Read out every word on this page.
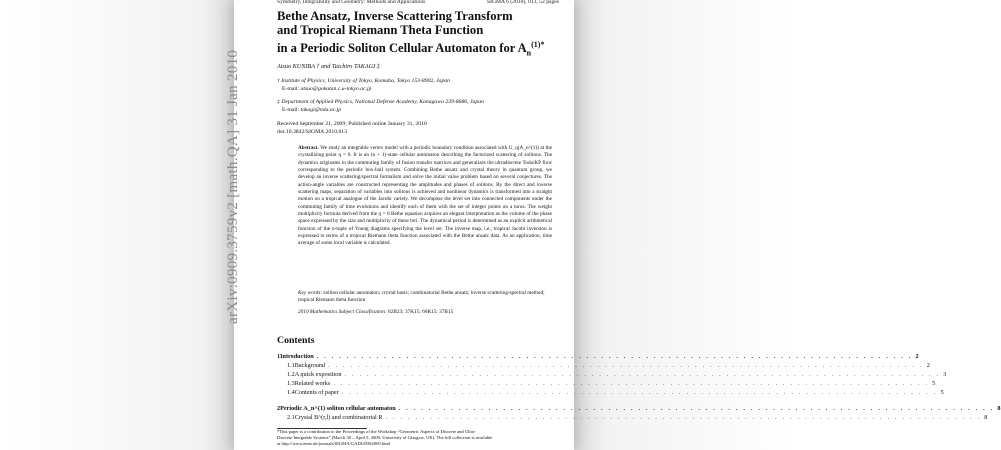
arXiv:0909.3759v2 [math.QA] 31 Jan 2010
Symmetry, Integrability and Geometry: Methods and Applications	SIGMA 6 (2010), 013, 52 pages
Bethe Ansatz, Inverse Scattering Transform
and Tropical Riemann Theta Function
in a Periodic Soliton Cellular Automaton for $A_n^{(1)*}$
Atsuo KUNIBA † and Taichiro TAKAGI ‡
† Institute of Physics, University of Tokyo, Komaba, Tokyo 153-8902, Japan
E-mail: atsuo@gokutan.c.u-tokyo.ac.jp
‡ Department of Applied Physics, National Defense Academy, Kanagawa 239-8686, Japan
E-mail: takagi@nda.ac.jp
Received September 21, 2009; Published online January 31, 2010
doi:10.3842/SIGMA.2010.013
Abstract. We study an integrable vertex model with a periodic boundary condition associated with U_q(A_n^(1)) at the crystallizing point q = 0. It is an (n + 1)-state cellular automaton describing the factorized scattering of solitons. The dynamics originates in the commuting family of fusion transfer matrices and generalizes the ultradiscrete Toda/KP flow corresponding to the periodic box-ball system. Combining Bethe ansatz and crystal theory in quantum group, we develop an inverse scattering/spectral formalism and solve the initial value problem based on several conjectures. The action-angle variables are constructed representing the amplitudes and phases of solitons. By the direct and inverse scattering maps, separation of variables into solitons is achieved and nonlinear dynamics is transformed into a straight motion on a tropical analogue of the Jacobi variety. We decompose the level set into connected components under the commuting family of time evolutions and identify each of them with the set of integer points on a torus. The weight multiplicity formula derived from the q = 0 Bethe equation acquires an elegant interpretation as the volume of the phase space expressed by the size and multiplicity of these tori. The dynamical period is determined as an explicit arithmetical function of the n-tuple of Young diagrams specifying the level set. The inverse map, i.e., tropical Jacobi inversion is expressed in terms of a tropical Riemann theta function associated with the Bethe ansatz data. As an application, time average of some local variable is calculated.
Key words: soliton cellular automaton; crystal basis; combinatorial Bethe ansatz; inverse scattering/spectral method; tropical Riemann theta function
2010 Mathematics Subject Classification: 82B23; 37K15; 68R15; 37B15
Contents
1 Introduction . . . . . . . . . . . . . . . . . . . . . . . . . . . . . . . . . . . . . . . . . . . . . . . . . . . . . . . . . . . . . . . . . . . . . . . . . . . . . . . . 2
1.1 Background . . . . . . . . . . . . . . . . . . . . . . . . . . . . . . . . . . . . . . . . . . . . . . . . . . . . . . . . . . . . . . . . . . . . . . . . . . . . . . . . 2
1.2 A quick exposition . . . . . . . . . . . . . . . . . . . . . . . . . . . . . . . . . . . . . . . . . . . . . . . . . . . . . . . . . . . . . . . . . . . . . . . . . . . . . . . . 3
1.3 Related works . . . . . . . . . . . . . . . . . . . . . . . . . . . . . . . . . . . . . . . . . . . . . . . . . . . . . . . . . . . . . . . . . . . . . . . . . . . . . . . . 5
1.4 Contents of paper . . . . . . . . . . . . . . . . . . . . . . . . . . . . . . . . . . . . . . . . . . . . . . . . . . . . . . . . . . . . . . . . . . . . . . . . . . . . . . . . 5
2 Periodic A_n^(1) soliton cellular automaton . . . . . . . . . . . . . . . . . . . . . . . . . . . . . . . . . . . . . . . . . . . . . . . . . . . . . . . . . . . . . . . . . . . . . . . . . . . . . . . . 8
2.1 Crystal B^(r,l) and combinatorial R . . . . . . . . . . . . . . . . . . . . . . . . . . . . . . . . . . . . . . . . . . . . . . . . . . . . . . . . . . . . . . . . . . . . . . . . . . . . . . . . 8

*This paper is a contribution to the Proceedings of the Workshop “Geometric Aspects of Discrete and Ultra-

Discrete Integrable Systems” (March 30 – April 3, 2009, University of Glasgow, UK). The full collection is available

at http://www.emis.de/journals/SIGMA/GADUDIS2009.html
